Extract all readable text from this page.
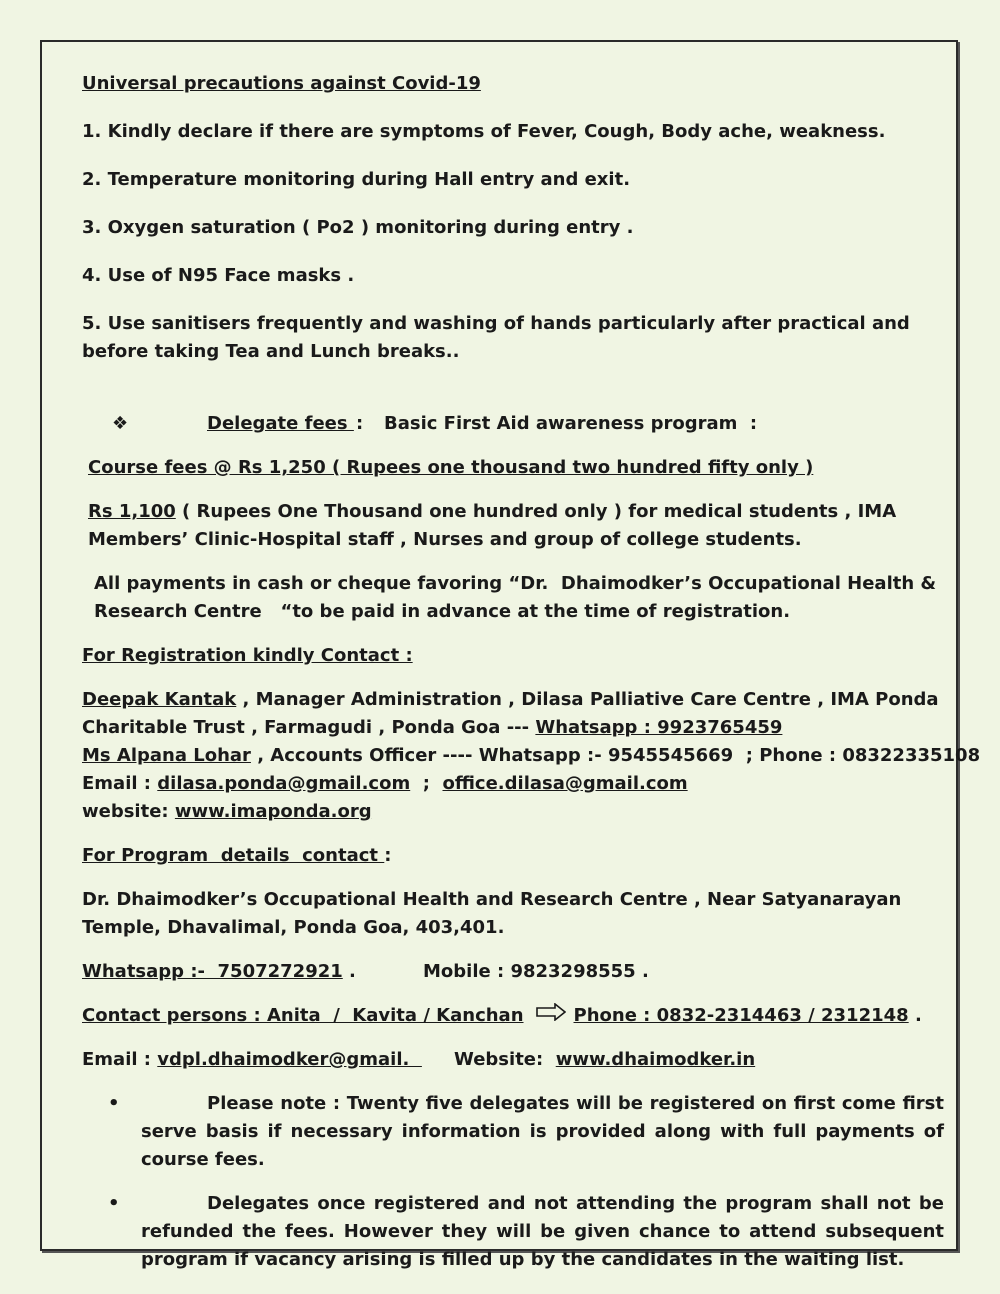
Universal precautions against Covid-19

1. Kindly declare if there are symptoms of Fever, Cough, Body ache, weakness.

2. Temperature monitoring during Hall entry and exit.

3. Oxygen saturation ( Po2 ) monitoring during entry .

4. Use of N95 Face masks .

5. Use sanitisers frequently and washing of hands particularly after practical and before taking Tea and Lunch breaks..

❖	Delegate fees : Basic First Aid awareness program  :

Course fees @ Rs 1,250 ( Rupees one thousand two hundred fifty only )

Rs 1,100 ( Rupees One Thousand one hundred only ) for medical students , IMA Members’ Clinic-Hospital staff , Nurses and group of college students.

All payments in cash or cheque favoring “Dr.  Dhaimodker’s Occupational Health & Research Centre   “to be paid in advance at the time of registration.

For Registration kindly Contact :

Deepak Kantak , Manager Administration , Dilasa Palliative Care Centre , IMA Ponda Charitable Trust , Farmagudi , Ponda Goa --- Whatsapp : 9923765459

Ms Alpana Lohar , Accounts Officer ---- Whatsapp :- 9545545669  ; Phone : 08322335108

Email : dilasa.ponda@gmail.com  ;  office.dilasa@gmail.com

website: www.imaponda.org

For Program  details  contact :

Dr. Dhaimodker’s Occupational Health and Research Centre , Near Satyanarayan Temple, Dhavalimal, Ponda Goa, 403,401.

Whatsapp :-  7507272921 .	Mobile : 9823298555 .

Contact persons : Anita  /  Kavita / Kanchan	Phone : 0832-2314463 / 2312148 .

Email : vdpl.dhaimodker@gmail. Website:  www.dhaimodker.in
•	Please note : Twenty five delegates will be registered on first come first serve basis if necessary information is provided along with full payments of course fees.
•	Delegates once registered and not attending the program shall not be refunded the fees. However they will be given chance to attend subsequent program if vacancy arising is filled up by the candidates in the waiting list.
